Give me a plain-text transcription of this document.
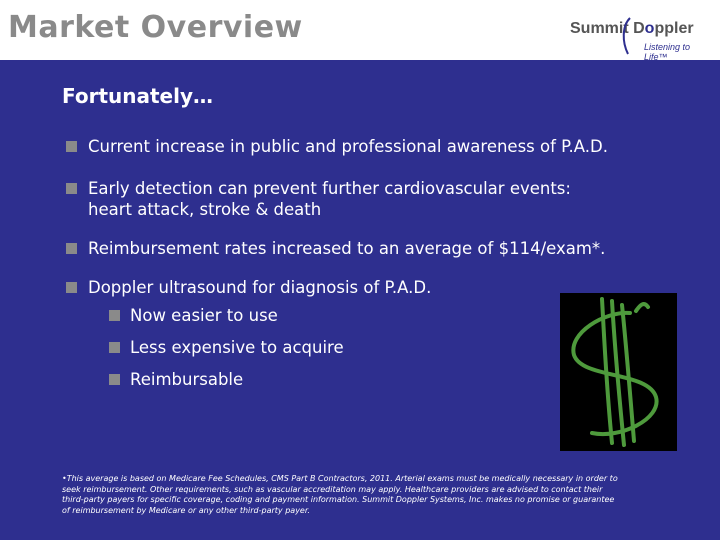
Market Overview	Summit Doppler
Listening to Life™
Fortunately…
Current increase in public and professional awareness of P.A.D.
Early detection can prevent further cardiovascular events:
heart attack, stroke & death
Reimbursement rates increased to an average of $114/exam*.
Doppler ultrasound for diagnosis of P.A.D.
Now easier to use
Less expensive to acquire
Reimbursable
•This average is based on Medicare Fee Schedules, CMS Part B Contractors, 2011. Arterial exams must be medically necessary in order to
seek reimbursement. Other requirements, such as vascular accreditation may apply. Healthcare providers are advised to contact their
third-party payers for specific coverage, coding and payment information. Summit Doppler Systems, Inc. makes no promise or guarantee
of reimbursement by Medicare or any other third-party payer.
